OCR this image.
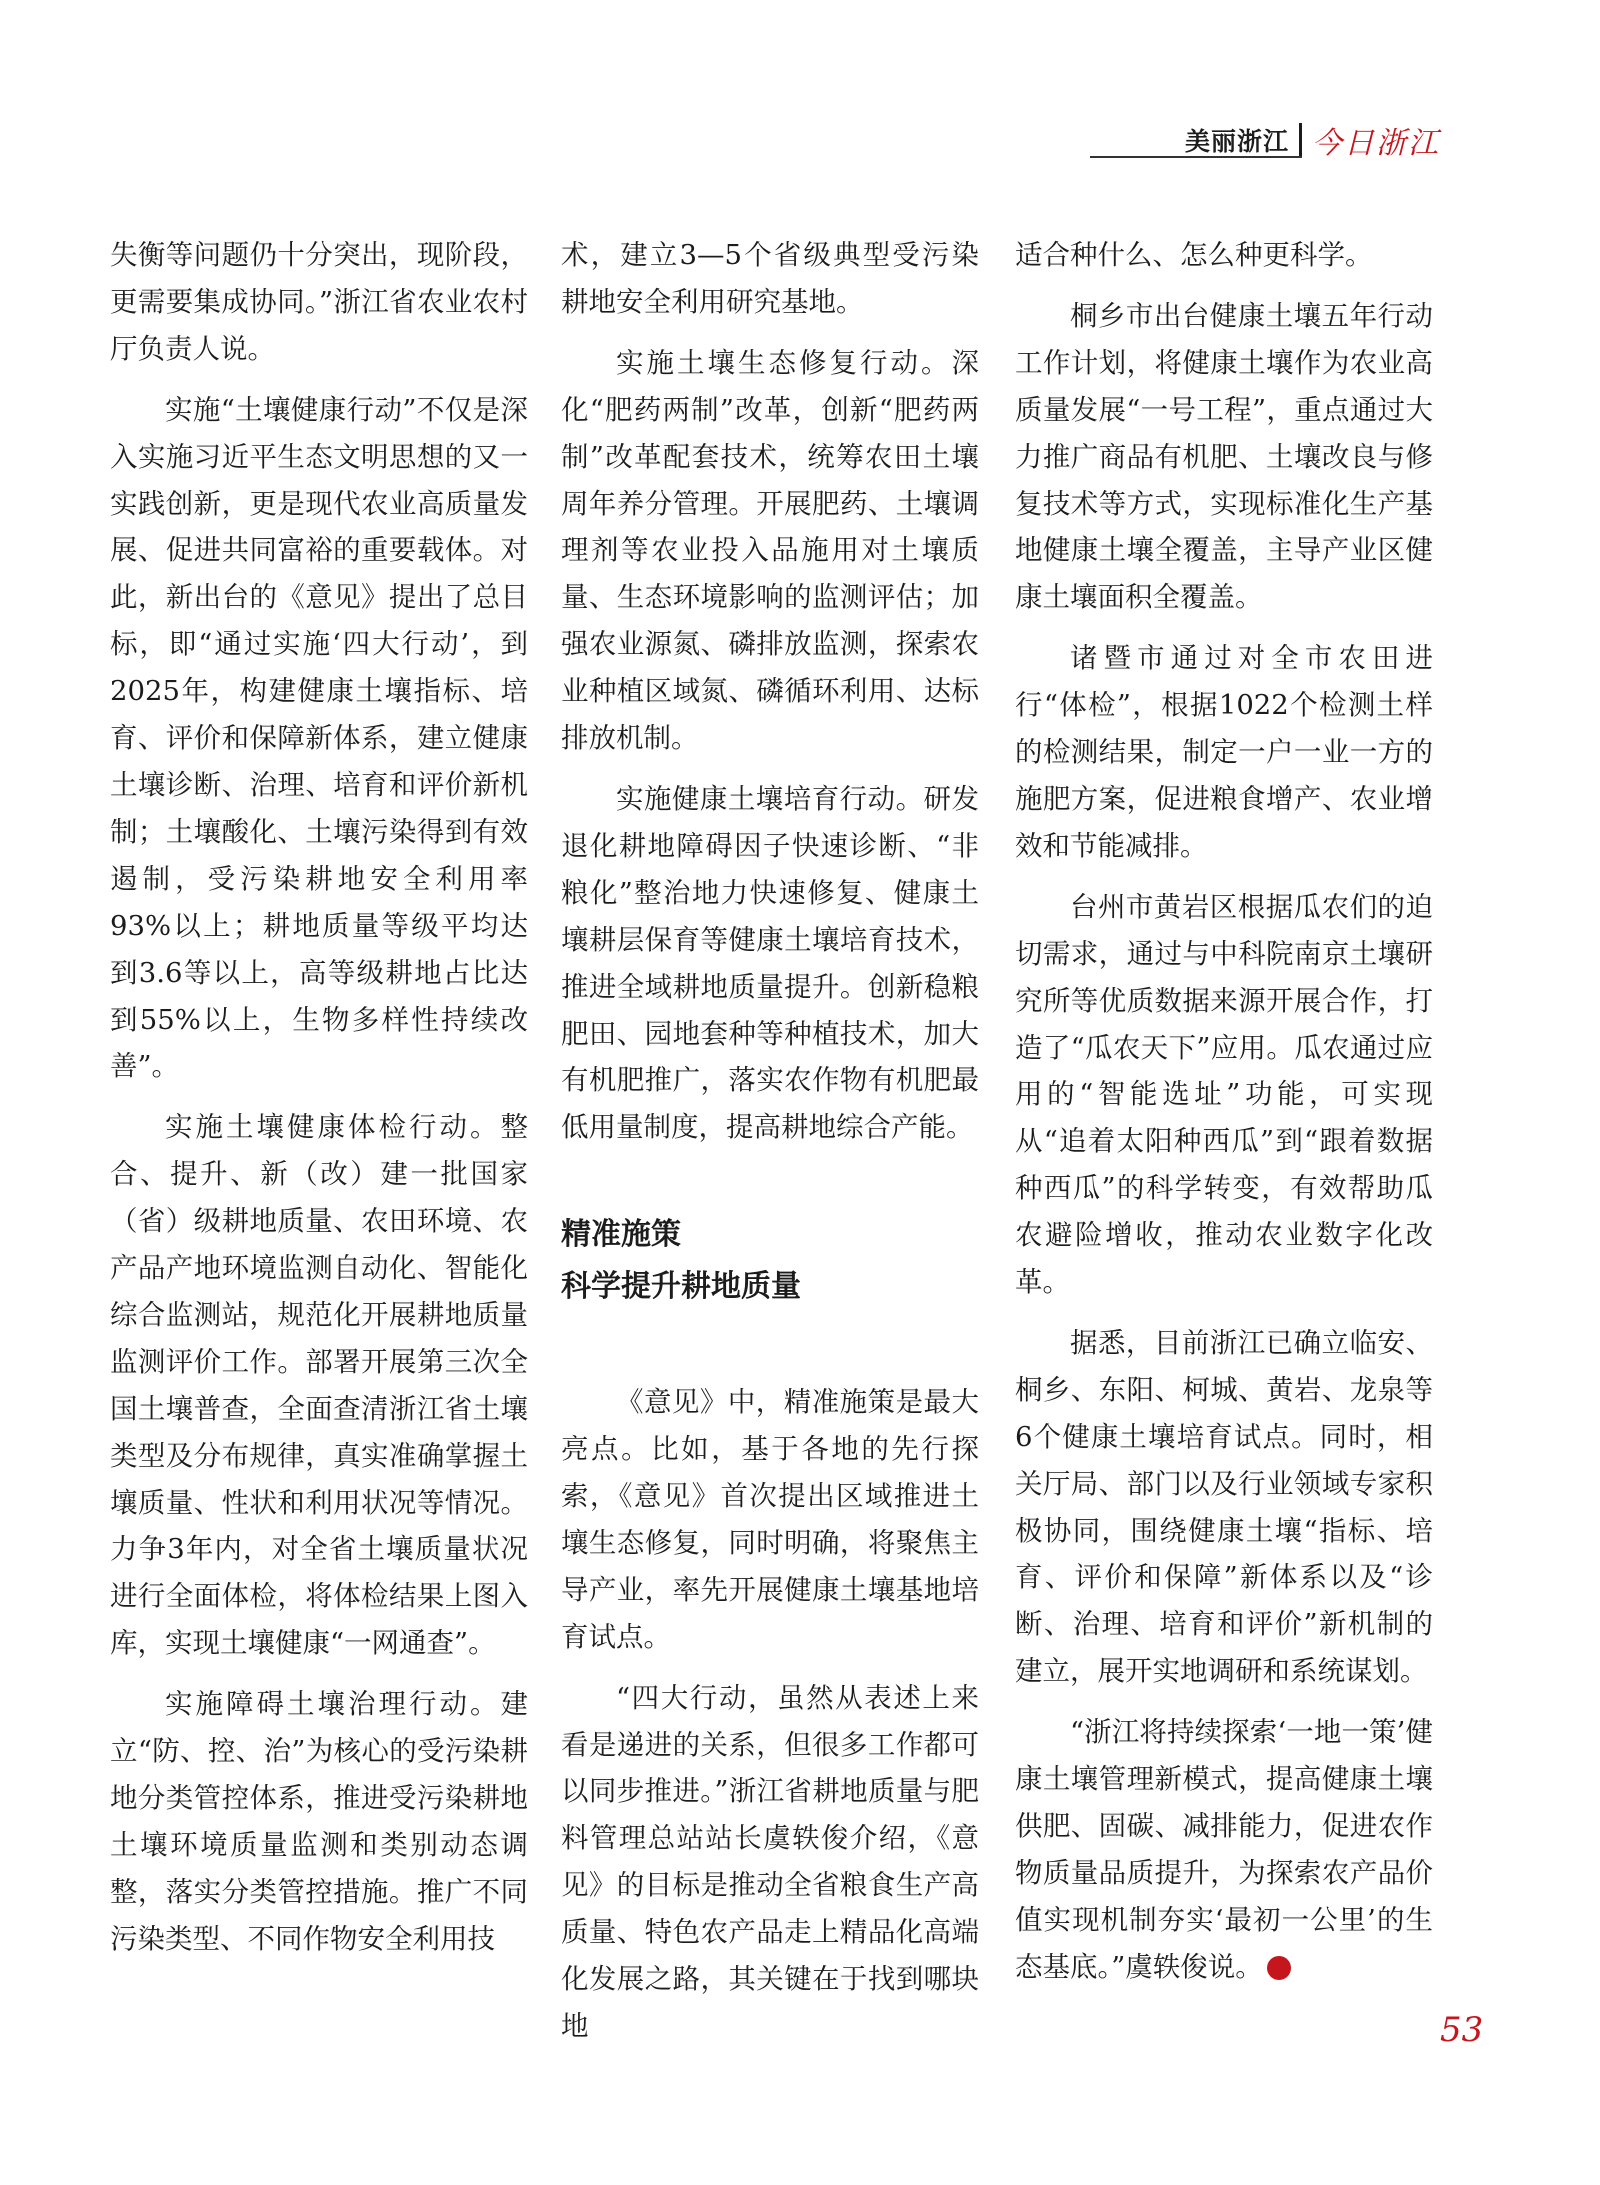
美丽浙江 今日浙江

失衡等问题仍十分突出，现阶段，更需要集成协同。”浙江省农业农村厅负责人说。

实施“土壤健康行动”不仅是深入实施习近平生态文明思想的又一实践创新，更是现代农业高质量发展、促进共同富裕的重要载体。对此，新出台的《意见》提出了总目标，即“通过实施‘四大行动’，到2025年，构建健康土壤指标、培育、评价和保障新体系，建立健康土壤诊断、治理、培育和评价新机制；土壤酸化、土壤污染得到有效遏制，受污染耕地安全利用率93%以上；耕地质量等级平均达到3.6等以上，高等级耕地占比达到55%以上，生物多样性持续改善”。

实施土壤健康体检行动。整合、提升、新（改）建一批国家（省）级耕地质量、农田环境、农产品产地环境监测自动化、智能化综合监测站，规范化开展耕地质量监测评价工作。部署开展第三次全国土壤普查，全面查清浙江省土壤类型及分布规律，真实准确掌握土壤质量、性状和利用状况等情况。力争3年内，对全省土壤质量状况进行全面体检，将体检结果上图入库，实现土壤健康“一网通查”。

实施障碍土壤治理行动。建立“防、控、治”为核心的受污染耕地分类管控体系，推进受污染耕地土壤环境质量监测和类别动态调整，落实分类管控措施。推广不同污染类型、不同作物安全利用技

术，建立3—5个省级典型受污染耕地安全利用研究基地。

实施土壤生态修复行动。深化“肥药两制”改革，创新“肥药两制”改革配套技术，统筹农田土壤周年养分管理。开展肥药、土壤调理剂等农业投入品施用对土壤质量、生态环境影响的监测评估；加强农业源氮、磷排放监测，探索农业种植区域氮、磷循环利用、达标排放机制。

实施健康土壤培育行动。研发退化耕地障碍因子快速诊断、“非粮化”整治地力快速修复、健康土壤耕层保育等健康土壤培育技术，推进全域耕地质量提升。创新稳粮肥田、园地套种等种植技术，加大有机肥推广，落实农作物有机肥最低用量制度，提高耕地综合产能。

精准施策

科学提升耕地质量

《意见》中，精准施策是最大亮点。比如，基于各地的先行探索，《意见》首次提出区域推进土壤生态修复，同时明确，将聚焦主导产业，率先开展健康土壤基地培育试点。

“四大行动，虽然从表述上来看是递进的关系，但很多工作都可以同步推进。”浙江省耕地质量与肥料管理总站站长虞轶俊介绍，《意见》的目标是推动全省粮食生产高质量、特色农产品走上精品化高端化发展之路，其关键在于找到哪块地

适合种什么、怎么种更科学。

桐乡市出台健康土壤五年行动工作计划，将健康土壤作为农业高质量发展“一号工程”，重点通过大力推广商品有机肥、土壤改良与修复技术等方式，实现标准化生产基地健康土壤全覆盖，主导产业区健康土壤面积全覆盖。

诸暨市通过对全市农田进行“体检”，根据1022个检测土样的检测结果，制定一户一业一方的施肥方案，促进粮食增产、农业增效和节能减排。

台州市黄岩区根据瓜农们的迫切需求，通过与中科院南京土壤研究所等优质数据来源开展合作，打造了“瓜农天下”应用。瓜农通过应用的“智能选址”功能，可实现从“追着太阳种西瓜”到“跟着数据种西瓜”的科学转变，有效帮助瓜农避险增收，推动农业数字化改革。

据悉，目前浙江已确立临安、桐乡、东阳、柯城、黄岩、龙泉等6个健康土壤培育试点。同时，相关厅局、部门以及行业领域专家积极协同，围绕健康土壤“指标、培育、评价和保障”新体系以及“诊断、治理、培育和评价”新机制的建立，展开实地调研和系统谋划。

“浙江将持续探索‘一地一策’健康土壤管理新模式，提高健康土壤供肥、固碳、减排能力，促进农作物质量品质提升，为探索农产品价值实现机制夯实‘最初一公里’的生态基底。”虞轶俊说。	今

53
